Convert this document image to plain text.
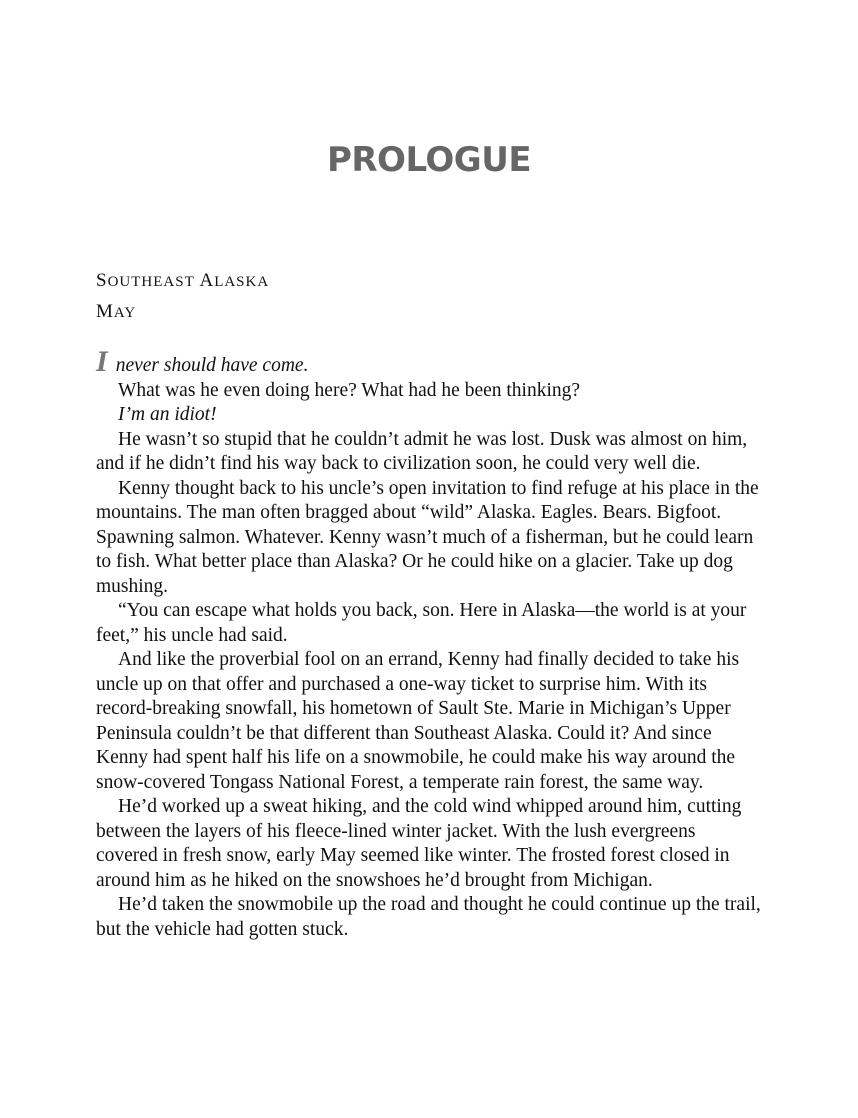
PROLOGUE
SOUTHEAST ALASKA
MAY

Inever should have come.

What was he even doing here? What had he been thinking?

I’m an idiot!

He wasn’t so stupid that he couldn’t admit he was lost. Dusk was almost on him, and if he didn’t find his way back to civilization soon, he could very well die.

Kenny thought back to his uncle’s open invitation to find refuge at his place in the mountains. The man often bragged about “wild” Alaska. Eagles. Bears. Bigfoot. Spawning salmon. Whatever. Kenny wasn’t much of a fisherman, but he could learn to fish. What better place than Alaska? Or he could hike on a glacier. Take up dog mushing.

“You can escape what holds you back, son. Here in Alaska—the world is at your feet,” his uncle had said.

And like the proverbial fool on an errand, Kenny had finally decided to take his uncle up on that offer and purchased a one-way ticket to surprise him. With its record-breaking snowfall, his hometown of Sault Ste. Marie in Michigan’s Upper Peninsula couldn’t be that different than Southeast Alaska. Could it? And since Kenny had spent half his life on a snowmobile, he could make his way around the snow-covered Tongass National Forest, a temperate rain forest, the same way.

He’d worked up a sweat hiking, and the cold wind whipped around him, cutting between the layers of his fleece-lined winter jacket. With the lush evergreens covered in fresh snow, early May seemed like winter. The frosted forest closed in around him as he hiked on the snowshoes he’d brought from Michigan.

He’d taken the snowmobile up the road and thought he could continue up the trail, but the vehicle had gotten stuck.
